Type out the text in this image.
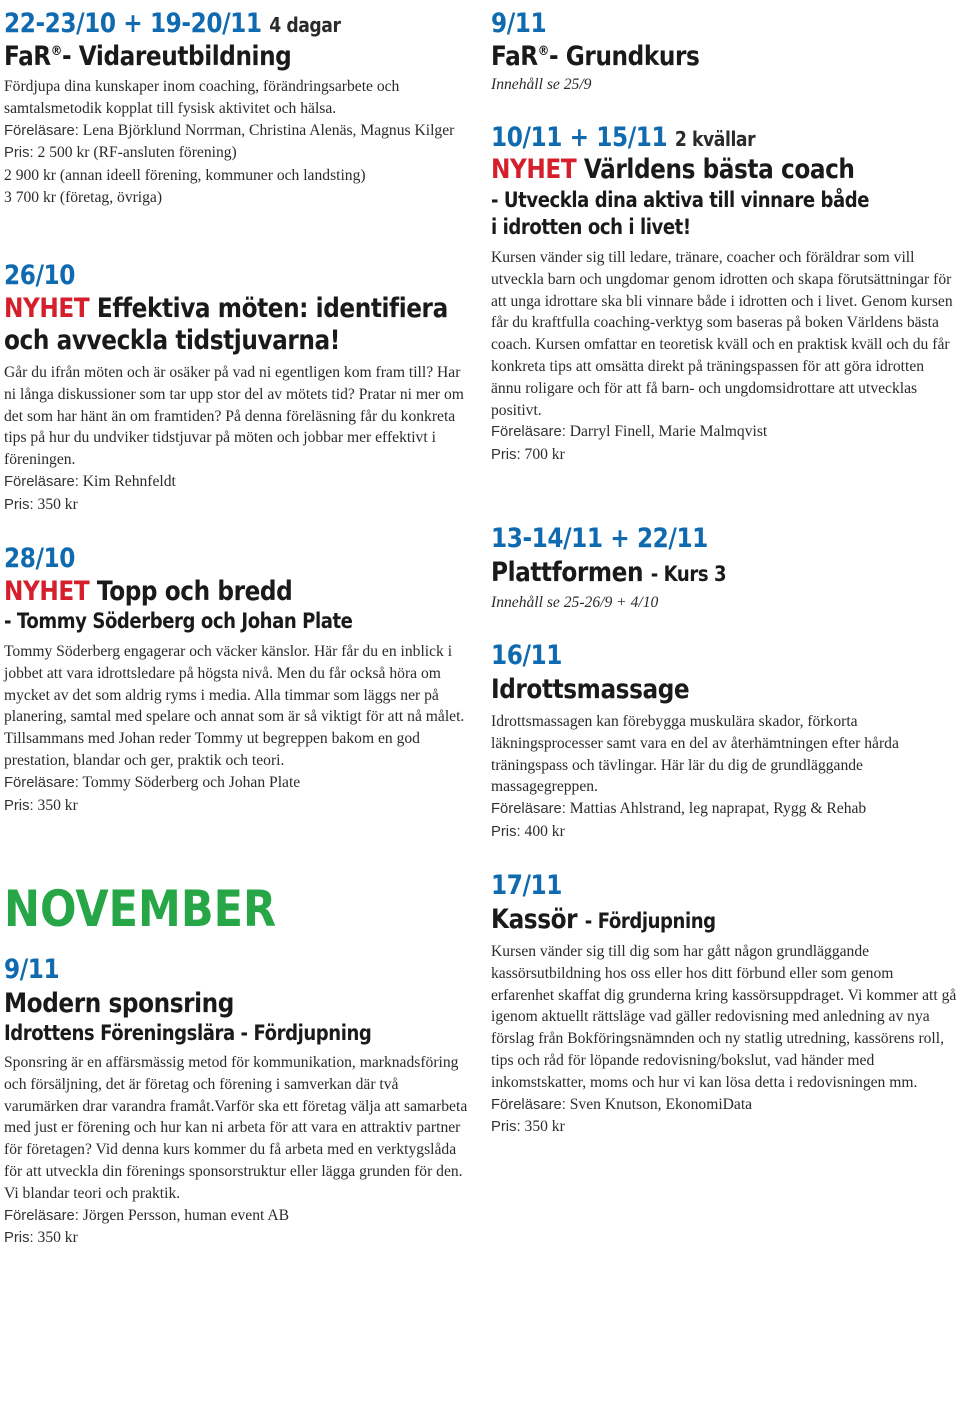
22-23/10 + 19-20/11 4 dagar
FaR®- Vidareutbildning

Fördjupa dina kunskaper inom coaching, förändringsarbete och samtalsmetodik kopplat till fysisk aktivitet och hälsa.

Föreläsare: Lena Björklund Norrman, Christina Alenäs, Magnus Kilger

Pris: 2 500 kr (RF-ansluten förening)

2 900 kr (annan ideell förening, kommuner och landsting)

3 700 kr (företag, övriga)

26/10
NYHET Effektiva möten: identifiera
och avveckla tidstjuvarna!

Går du ifrån möten och är osäker på vad ni egentligen kom fram till? Har ni långa diskussioner som tar upp stor del av mötets tid? Pratar ni mer om det som har hänt än om framtiden? På denna föreläsning får du konkreta tips på hur du undviker tidstjuvar på möten och jobbar mer effektivt i föreningen.

Föreläsare: Kim Rehnfeldt

Pris: 350 kr

28/10
NYHET Topp och bredd
- Tommy Söderberg och Johan Plate

Tommy Söderberg engagerar och väcker känslor. Här får du en inblick i jobbet att vara idrottsledare på högsta nivå. Men du får också höra om mycket av det som aldrig ryms i media. Alla timmar som läggs ner på planering, samtal med spelare och annat som är så viktigt för att nå målet. Tillsammans med Johan reder Tommy ut begreppen bakom en god prestation, blandar och ger, praktik och teori.

Föreläsare: Tommy Söderberg och Johan Plate

Pris: 350 kr

NOVEMBER
9/11
Modern sponsring
Idrottens Föreningslära - Fördjupning

Sponsring är en affärsmässig metod för kommunikation, marknadsföring och försäljning, det är företag och förening i samverkan där två varumärken drar varandra framåt.Varför ska ett företag välja att samarbeta med just er förening och hur kan ni arbeta för att vara en attraktiv partner för företagen? Vid denna kurs kommer du få arbeta med en verktygslåda för att utveckla din förenings sponsorstruktur eller lägga grunden för den. Vi blandar teori och praktik.

Föreläsare: Jörgen Persson, human event AB

Pris: 350 kr

9/11
FaR®- Grundkurs
Innehåll se 25/9
10/11 + 15/11 2 kvällar
NYHET Världens bästa coach
- Utveckla dina aktiva till vinnare både
i idrotten och i livet!

Kursen vänder sig till ledare, tränare, coacher och föräldrar som vill utveckla barn och ungdomar genom idrotten och skapa förutsättningar för att unga idrottare ska bli vinnare både i idrotten och i livet. Genom kursen får du kraftfulla coaching-verktyg som baseras på boken Världens bästa coach. Kursen omfattar en teoretisk kväll och en praktisk kväll och du får konkreta tips att omsätta direkt på träningspassen för att göra idrotten ännu roligare och för att få barn- och ungdomsidrottare att utvecklas positivt.

Föreläsare: Darryl Finell, Marie Malmqvist

Pris: 700 kr

13-14/11 + 22/11
Plattformen - Kurs 3
Innehåll se 25-26/9 + 4/10
16/11
Idrottsmassage

Idrottsmassagen kan förebygga muskulära skador, förkorta läkningsprocesser samt vara en del av återhämtningen efter hårda träningspass och tävlingar. Här lär du dig de grundläggande massagegreppen.

Föreläsare: Mattias Ahlstrand, leg naprapat, Rygg & Rehab

Pris: 400 kr

17/11
Kassör - Fördjupning

Kursen vänder sig till dig som har gått någon grundläggande kassörsutbildning hos oss eller hos ditt förbund eller som genom erfarenhet skaffat dig grunderna kring kassörsuppdraget. Vi kommer att gå igenom aktuellt rättsläge vad gäller redovisning med anledning av nya förslag från Bokföringsnämnden och ny statlig utredning, kassörens roll, tips och råd för löpande redovisning/bokslut, vad händer med inkomstskatter, moms och hur vi kan lösa detta i redovisningen mm.

Föreläsare: Sven Knutson, EkonomiData

Pris: 350 kr
